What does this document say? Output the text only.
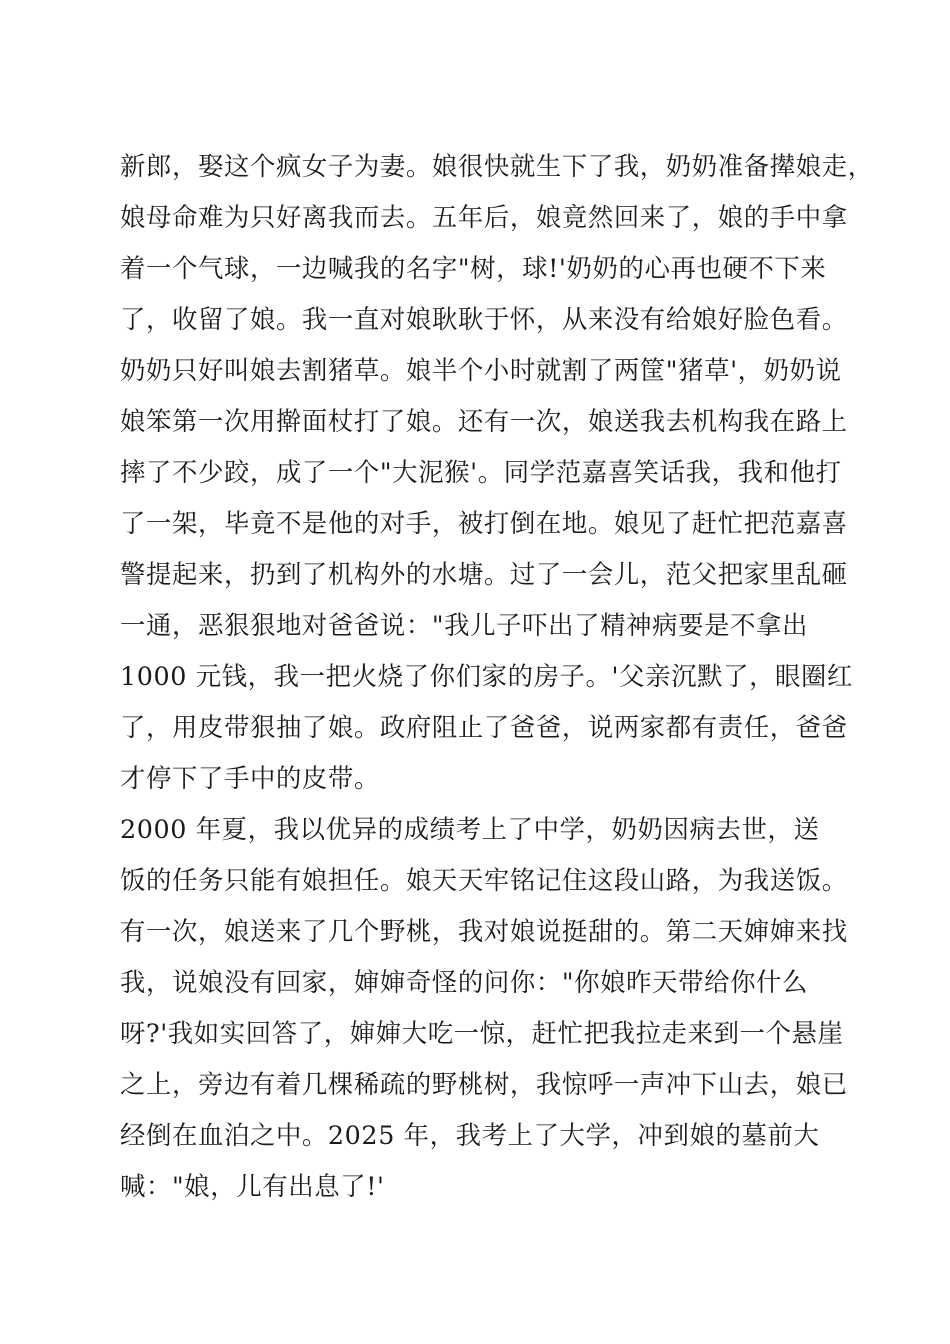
新郎，娶这个疯女子为妻。娘很快就生下了我，奶奶准备撵娘走，
娘母命难为只好离我而去。五年后，娘竟然回来了，娘的手中拿
着一个气球，一边喊我的名字"树，球!'奶奶的心再也硬不下来
了，收留了娘。我一直对娘耿耿于怀，从来没有给娘好脸色看。
奶奶只好叫娘去割猪草。娘半个小时就割了两筐"猪草'，奶奶说
娘笨第一次用擀面杖打了娘。还有一次，娘送我去机构我在路上
摔了不少跤，成了一个"大泥猴'。同学范嘉喜笑话我，我和他打
了一架，毕竟不是他的对手，被打倒在地。娘见了赶忙把范嘉喜
警提起来，扔到了机构外的水塘。过了一会儿，范父把家里乱砸
一通，恶狠狠地对爸爸说："我儿子吓出了精神病要是不拿出
1000 元钱，我一把火烧了你们家的房子。'父亲沉默了，眼圈红
了，用皮带狠抽了娘。政府阻止了爸爸，说两家都有责任，爸爸
才停下了手中的皮带。
2000 年夏，我以优异的成绩考上了中学，奶奶因病去世，送
饭的任务只能有娘担任。娘天天牢铭记住这段山路，为我送饭。
有一次，娘送来了几个野桃，我对娘说挺甜的。第二天婶婶来找
我，说娘没有回家，婶婶奇怪的问你："你娘昨天带给你什么
呀?'我如实回答了，婶婶大吃一惊，赶忙把我拉走来到一个悬崖
之上，旁边有着几棵稀疏的野桃树，我惊呼一声冲下山去，娘已
经倒在血泊之中。2025 年，我考上了大学，冲到娘的墓前大
喊："娘，儿有出息了!'
